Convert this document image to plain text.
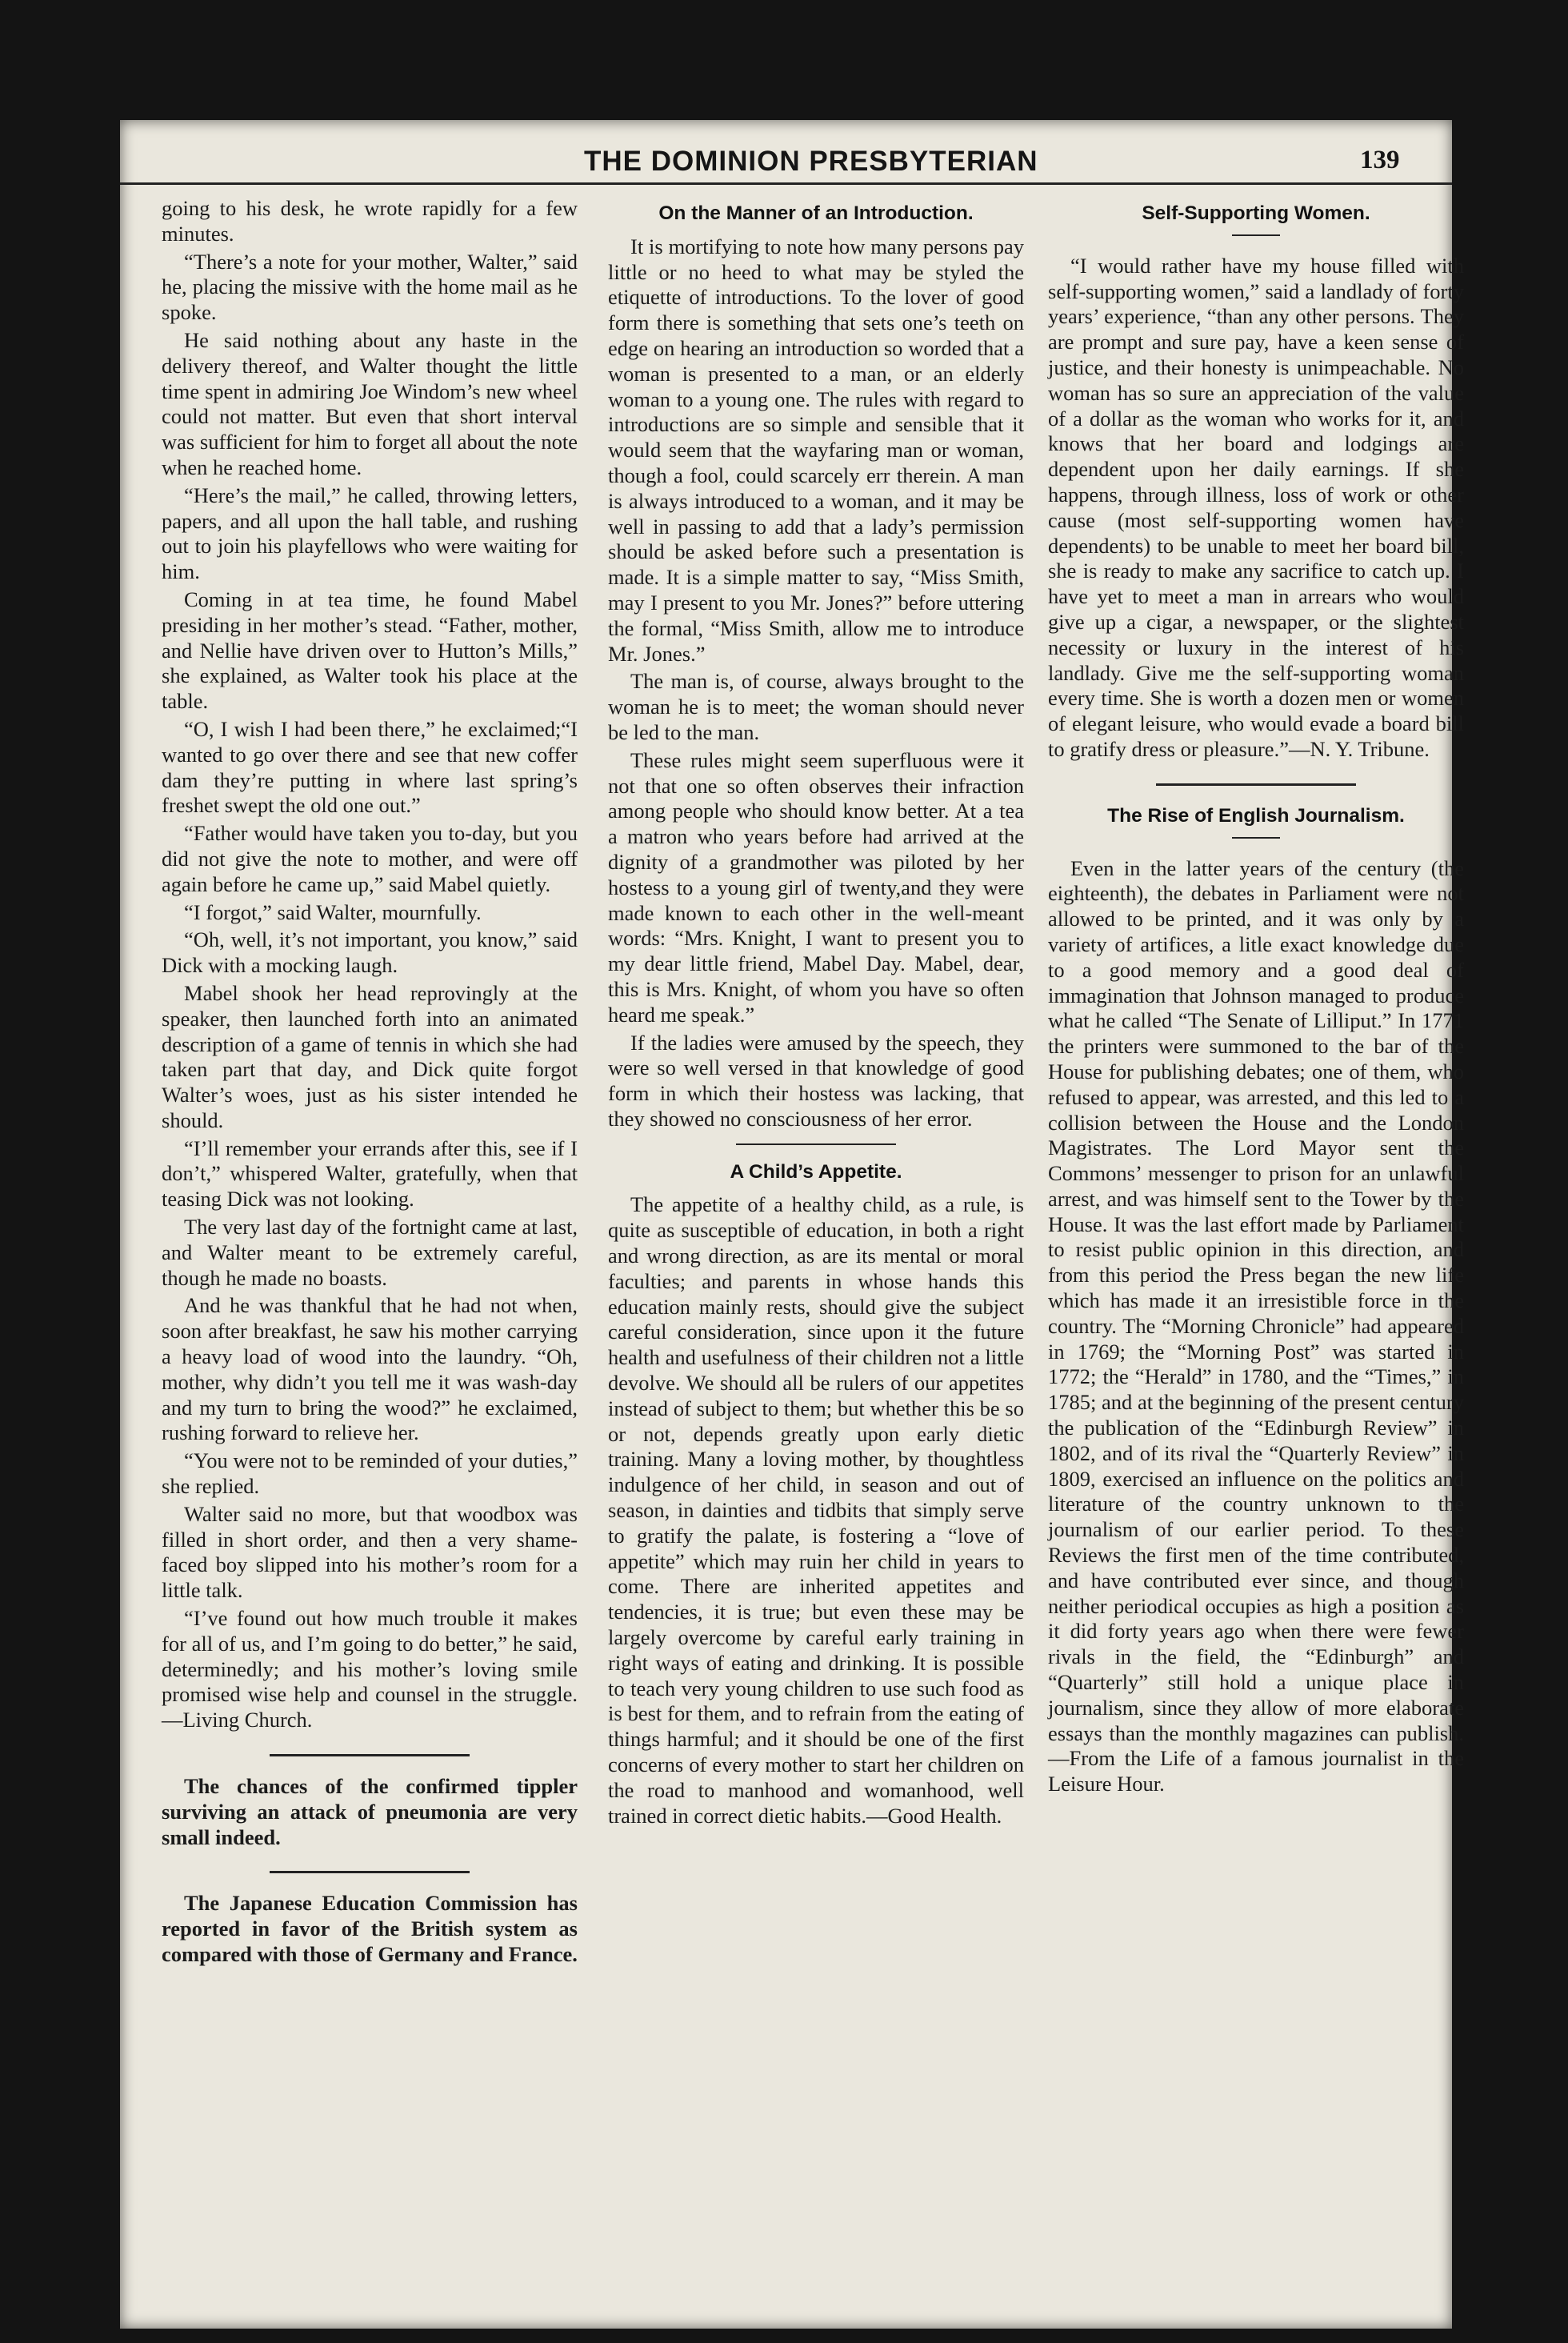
THE DOMINION PRESBYTERIAN	139

going to his desk, he wrote rapidly for a few minutes.

“There’s a note for your mother, Walter,” said he, placing the missive with the home mail as he spoke.

He said nothing about any haste in the delivery thereof, and Walter thought the little time spent in admiring Joe Windom’s new wheel could not matter. But even that short interval was sufficient for him to forget all about the note when he reached home.

“Here’s the mail,” he called, throwing letters, papers, and all upon the hall table, and rushing out to join his playfellows who were waiting for him.

Coming in at tea time, he found Mabel presiding in her mother’s stead. “Father, mother, and Nellie have driven over to Hutton’s Mills,” she explained, as Walter took his place at the table.

“O, I wish I had been there,” he exclaimed;“I wanted to go over there and see that new coffer dam they’re putting in where last spring’s freshet swept the old one out.”

“Father would have taken you to-day, but you did not give the note to mother, and were off again before he came up,” said Mabel quietly.

“I forgot,” said Walter, mournfully.

“Oh, well, it’s not important, you know,” said Dick with a mocking laugh.

Mabel shook her head reprovingly at the speaker, then launched forth into an animated description of a game of tennis in which she had taken part that day, and Dick quite forgot Walter’s woes, just as his sister intended he should.

“I’ll remember your errands after this, see if I don’t,” whispered Walter, gratefully, when that teasing Dick was not looking.

The very last day of the fortnight came at last, and Walter meant to be extremely careful, though he made no boasts.

And he was thankful that he had not when, soon after breakfast, he saw his mother carrying a heavy load of wood into the laundry. “Oh, mother, why didn’t you tell me it was wash-day and my turn to bring the wood?” he exclaimed, rushing forward to relieve her.

“You were not to be reminded of your duties,” she replied.

Walter said no more, but that woodbox was filled in short order, and then a very shame-faced boy slipped into his mother’s room for a little talk.

“I’ve found out how much trouble it makes for all of us, and I’m going to do better,” he said, determinedly; and his mother’s loving smile promised wise help and counsel in the struggle.—Living Church.

The chances of the confirmed tippler surviving an attack of pneumonia are very small indeed.

The Japanese Education Commission has reported in favor of the British system as compared with those of Germany and France.

On the Manner of an Introduction.

It is mortifying to note how many persons pay little or no heed to what may be styled the etiquette of introductions. To the lover of good form there is something that sets one’s teeth on edge on hearing an introduction so worded that a woman is presented to a man, or an elderly woman to a young one. The rules with regard to introductions are so simple and sensible that it would seem that the wayfaring man or woman, though a fool, could scarcely err therein. A man is always introduced to a woman, and it may be well in passing to add that a lady’s permission should be asked before such a presentation is made. It is a simple matter to say, “Miss Smith, may I present to you Mr. Jones?” before uttering the formal, “Miss Smith, allow me to introduce Mr. Jones.”

The man is, of course, always brought to the woman he is to meet; the woman should never be led to the man.

These rules might seem superfluous were it not that one so often observes their infraction among people who should know better. At a tea a matron who years before had arrived at the dignity of a grandmother was piloted by her hostess to a young girl of twenty,and they were made known to each other in the well-meant words: “Mrs. Knight, I want to present you to my dear little friend, Mabel Day. Mabel, dear, this is Mrs. Knight, of whom you have so often heard me speak.”

If the ladies were amused by the speech, they were so well versed in that knowledge of good form in which their hostess was lacking, that they showed no consciousness of her error.

A Child’s Appetite.

The appetite of a healthy child, as a rule, is quite as susceptible of education, in both a right and wrong direction, as are its mental or moral faculties; and parents in whose hands this education mainly rests, should give the subject careful consideration, since upon it the future health and usefulness of their children not a little devolve. We should all be rulers of our appetites instead of subject to them; but whether this be so or not, depends greatly upon early dietic training. Many a loving mother, by thoughtless indulgence of her child, in season and out of season, in dainties and tidbits that simply serve to gratify the palate, is fostering a “love of appetite” which may ruin her child in years to come. There are inherited appetites and tendencies, it is true; but even these may be largely overcome by careful early training in right ways of eating and drinking. It is possible to teach very young children to use such food as is best for them, and to refrain from the eating of things harmful; and it should be one of the first concerns of every mother to start her children on the road to manhood and womanhood, well trained in correct dietic habits.—Good Health.

Self-Supporting Women.

“I would rather have my house filled with self-supporting women,” said a landlady of forty years’ experience, “than any other persons. They are prompt and sure pay, have a keen sense of justice, and their honesty is unimpeachable. No woman has so sure an appreciation of the value of a dollar as the woman who works for it, and knows that her board and lodgings are dependent upon her daily earnings. If she happens, through illness, loss of work or other cause (most self-supporting women have dependents) to be unable to meet her board bill, she is ready to make any sacrifice to catch up. I have yet to meet a man in arrears who would give up a cigar, a newspaper, or the slightest necessity or luxury in the interest of his landlady. Give me the self-supporting woman every time. She is worth a dozen men or women of elegant leisure, who would evade a board bill to gratify dress or pleasure.”—N. Y. Tribune.

The Rise of English Journalism.

Even in the latter years of the century (the eighteenth), the debates in Parliament were not allowed to be printed, and it was only by a variety of artifices, a litle exact knowledge due to a good memory and a good deal of immagination that Johnson managed to produce what he called “The Senate of Lilliput.” In 1771 the printers were summoned to the bar of the House for publishing debates; one of them, who refused to appear, was arrested, and this led to a collision between the House and the London Magistrates. The Lord Mayor sent the Commons’ messenger to prison for an unlawful arrest, and was himself sent to the Tower by the House. It was the last effort made by Parliament to resist public opinion in this direction, and from this period the Press began the new life which has made it an irresistible force in the country. The “Morning Chronicle” had appeared in 1769; the “Morning Post” was started in 1772; the “Herald” in 1780, and the “Times,” in 1785; and at the beginning of the present century the publication of the “Edinburgh Review” in 1802, and of its rival the “Quarterly Review” in 1809, exercised an influence on the politics and literature of the country unknown to the journalism of our earlier period. To these Reviews the first men of the time contributed, and have contributed ever since, and though neither periodical occupies as high a position as it did forty years ago when there were fewer rivals in the field, the “Edinburgh” and “Quarterly” still hold a unique place in journalism, since they allow of more elaborate essays than the monthly magazines can publish.—From the Life of a famous journalist in the Leisure Hour.
